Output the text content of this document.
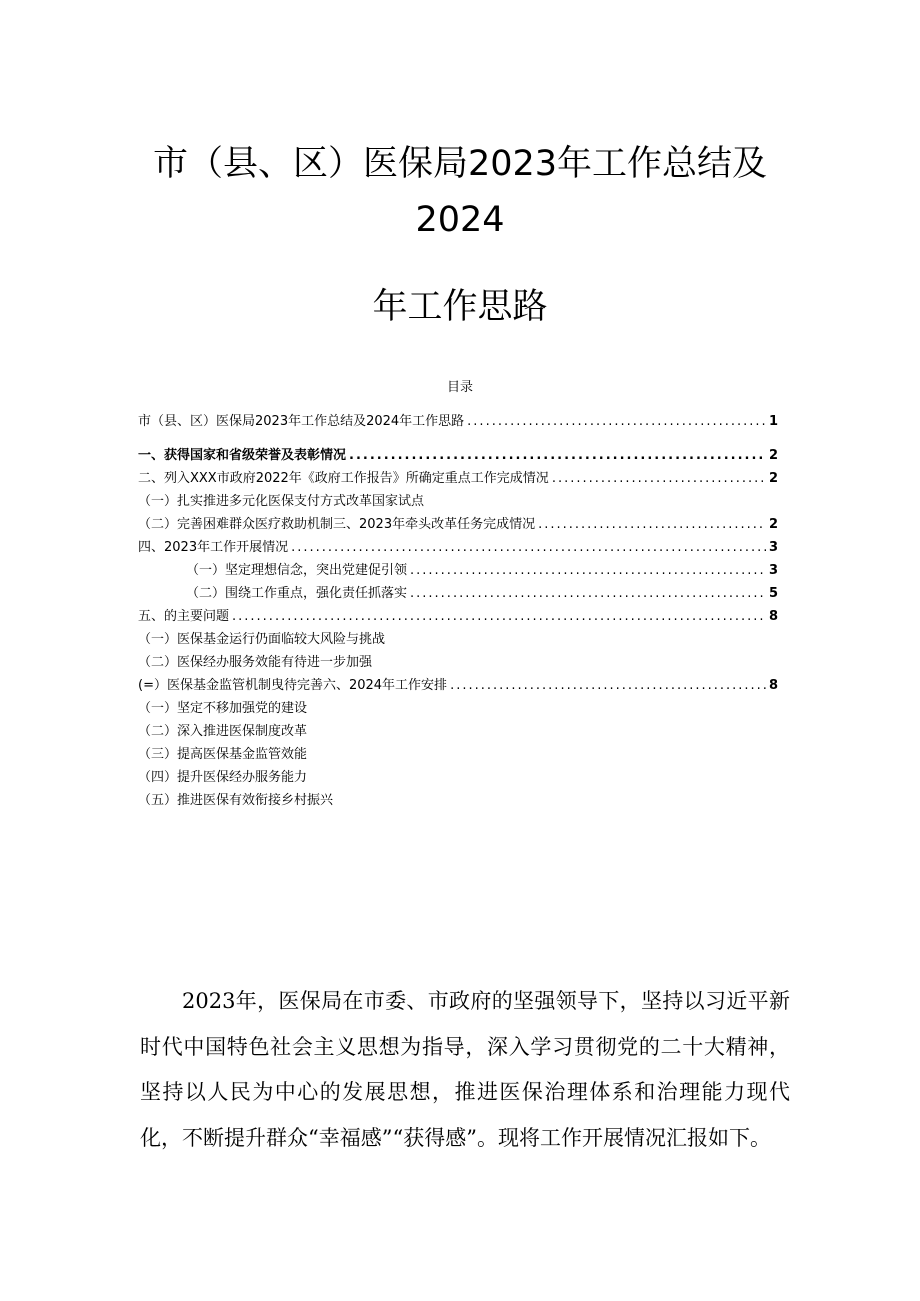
市（县、区）医保局2023年工作总结及
2024
年工作思路
目录
市（县、区）医保局2023年工作总结及2024年工作思路 .....	1
一、获得国家和省级荣誉及表彰情况 .....	2
二、列入XXX市政府2022年《政府工作报告》所确定重点工作完成情况 .....	2
（一）扎实推进多元化医保支付方式改革国家试点
（二）完善困难群众医疗救助机制三、2023年牵头改革任务完成情况 .....	2
四、2023年工作开展情况 .....	3
（一）坚定理想信念，突出党建促引领 .....	3
（二）围绕工作重点，强化责任抓落实 .....	5
五、的主要问题 .....	8
（一）医保基金运行仍面临较大风险与挑战
（二）医保经办服务效能有待进一步加强
(=）医保基金监管机制曳待完善六、2024年工作安排 .....	8
（一）坚定不移加强党的建设
（二）深入推进医保制度改革
（三）提高医保基金监管效能
（四）提升医保经办服务能力
（五）推进医保有效衔接乡村振兴

2023年，医保局在市委、市政府的坚强领导下，坚持以习近平新时代中国特色社会主义思想为指导，深入学习贯彻党的二十大精神，坚持以人民为中心的发展思想，推进医保治理体系和治理能力现代化，不断提升群众“幸福感”“获得感”。现将工作开展情况汇报如下。
